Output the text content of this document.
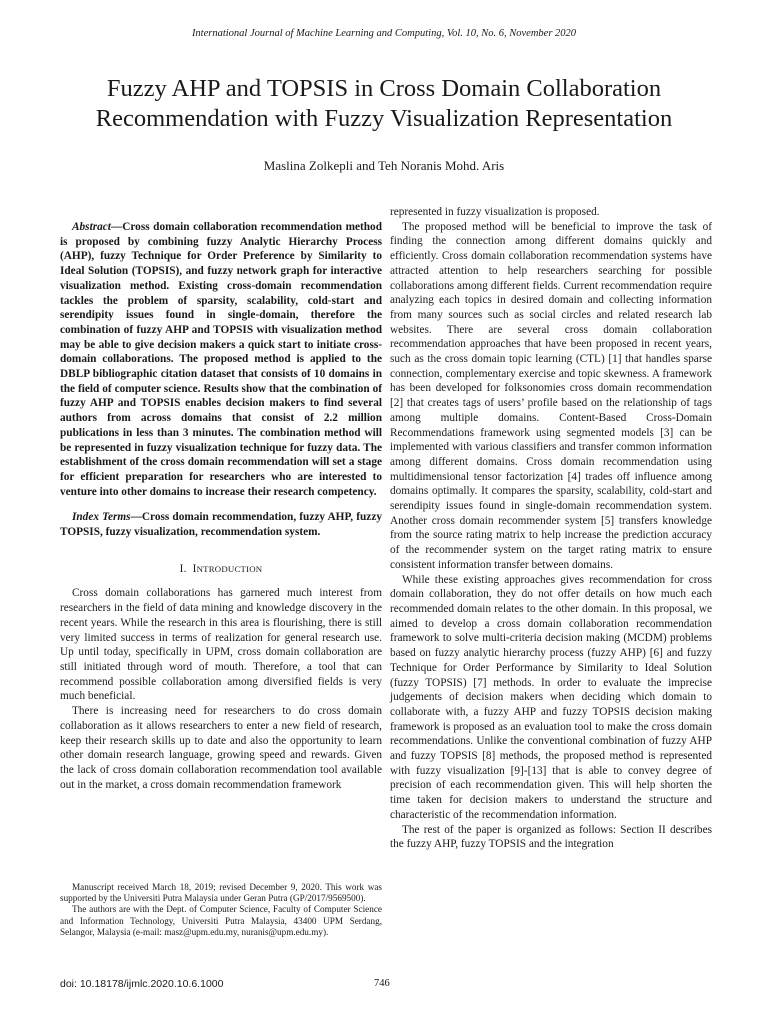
International Journal of Machine Learning and Computing, Vol. 10, No. 6, November 2020
Fuzzy AHP and TOPSIS in Cross Domain Collaboration
Recommendation with Fuzzy Visualization Representation
Maslina Zolkepli and Teh Noranis Mohd. Aris

Abstract—Cross domain collaboration recommendation method is proposed by combining fuzzy Analytic Hierarchy Process (AHP), fuzzy Technique for Order Preference by Similarity to Ideal Solution (TOPSIS), and fuzzy network graph for interactive visualization method. Existing cross-domain recommendation tackles the problem of sparsity, scalability, cold-start and serendipity issues found in single-domain, therefore the combination of fuzzy AHP and TOPSIS with visualization method may be able to give decision makers a quick start to initiate cross-domain collaborations. The proposed method is applied to the DBLP bibliographic citation dataset that consists of 10 domains in the field of computer science. Results show that the combination of fuzzy AHP and TOPSIS enables decision makers to find several authors from across domains that consist of 2.2 million publications in less than 3 minutes. The combination method will be represented in fuzzy visualization technique for fuzzy data. The establishment of the cross domain recommendation will set a stage for efficient preparation for researchers who are interested to venture into other domains to increase their research competency.

Index Terms—Cross domain recommendation, fuzzy AHP, fuzzy TOPSIS, fuzzy visualization, recommendation system.

I. INTRODUCTION

Cross domain collaborations has garnered much interest from researchers in the field of data mining and knowledge discovery in the recent years. While the research in this area is flourishing, there is still very limited success in terms of realization for general research use. Up until today, specifically in UPM, cross domain collaboration are still initiated through word of mouth. Therefore, a tool that can recommend possible collaboration among diversified fields is very much beneficial.

There is increasing need for researchers to do cross domain collaboration as it allows researchers to enter a new field of research, keep their research skills up to date and also the opportunity to learn other domain research language, growing speed and rewards. Given the lack of cross domain collaboration recommendation tool available out in the market, a cross domain recommendation framework

Manuscript received March 18, 2019; revised December 9, 2020. This work was supported by the Universiti Putra Malaysia under Geran Putra (GP/2017/9569500).

The authors are with the Dept. of Computer Science, Faculty of Computer Science and Information Technology, Universiti Putra Malaysia, 43400 UPM Serdang, Selangor, Malaysia (e-mail: masz@upm.edu.my, nuranis@upm.edu.my).

represented in fuzzy visualization is proposed.

The proposed method will be beneficial to improve the task of finding the connection among different domains quickly and efficiently. Cross domain collaboration recommendation systems have attracted attention to help researchers searching for possible collaborations among different fields. Current recommendation require analyzing each topics in desired domain and collecting information from many sources such as social circles and related research lab websites. There are several cross domain collaboration recommendation approaches that have been proposed in recent years, such as the cross domain topic learning (CTL) [1] that handles sparse connection, complementary exercise and topic skewness. A framework has been developed for folksonomies cross domain recommendation [2] that creates tags of users’ profile based on the relationship of tags among multiple domains. Content-Based Cross-Domain Recommendations framework using segmented models [3] can be implemented with various classifiers and transfer common information among different domains. Cross domain recommendation using multidimensional tensor factorization [4] trades off influence among domains optimally. It compares the sparsity, scalability, cold-start and serendipity issues found in single-domain recommendation system. Another cross domain recommender system [5] transfers knowledge from the source rating matrix to help increase the prediction accuracy of the recommender system on the target rating matrix to ensure consistent information transfer between domains.

While these existing approaches gives recommendation for cross domain collaboration, they do not offer details on how much each recommended domain relates to the other domain. In this proposal, we aimed to develop a cross domain collaboration recommendation framework to solve multi-criteria decision making (MCDM) problems based on fuzzy analytic hierarchy process (fuzzy AHP) [6] and fuzzy Technique for Order Performance by Similarity to Ideal Solution (fuzzy TOPSIS) [7] methods. In order to evaluate the imprecise judgements of decision makers when deciding which domain to collaborate with, a fuzzy AHP and fuzzy TOPSIS decision making framework is proposed as an evaluation tool to make the cross domain recommendations. Unlike the conventional combination of fuzzy AHP and fuzzy TOPSIS [8] methods, the proposed method is represented with fuzzy visualization [9]-[13] that is able to convey degree of precision of each recommendation given. This will help shorten the time taken for decision makers to understand the structure and characteristic of the recommendation information.

The rest of the paper is organized as follows: Section II describes the fuzzy AHP, fuzzy TOPSIS and the integration

doi: 10.18178/ijmlc.2020.10.6.1000	746
